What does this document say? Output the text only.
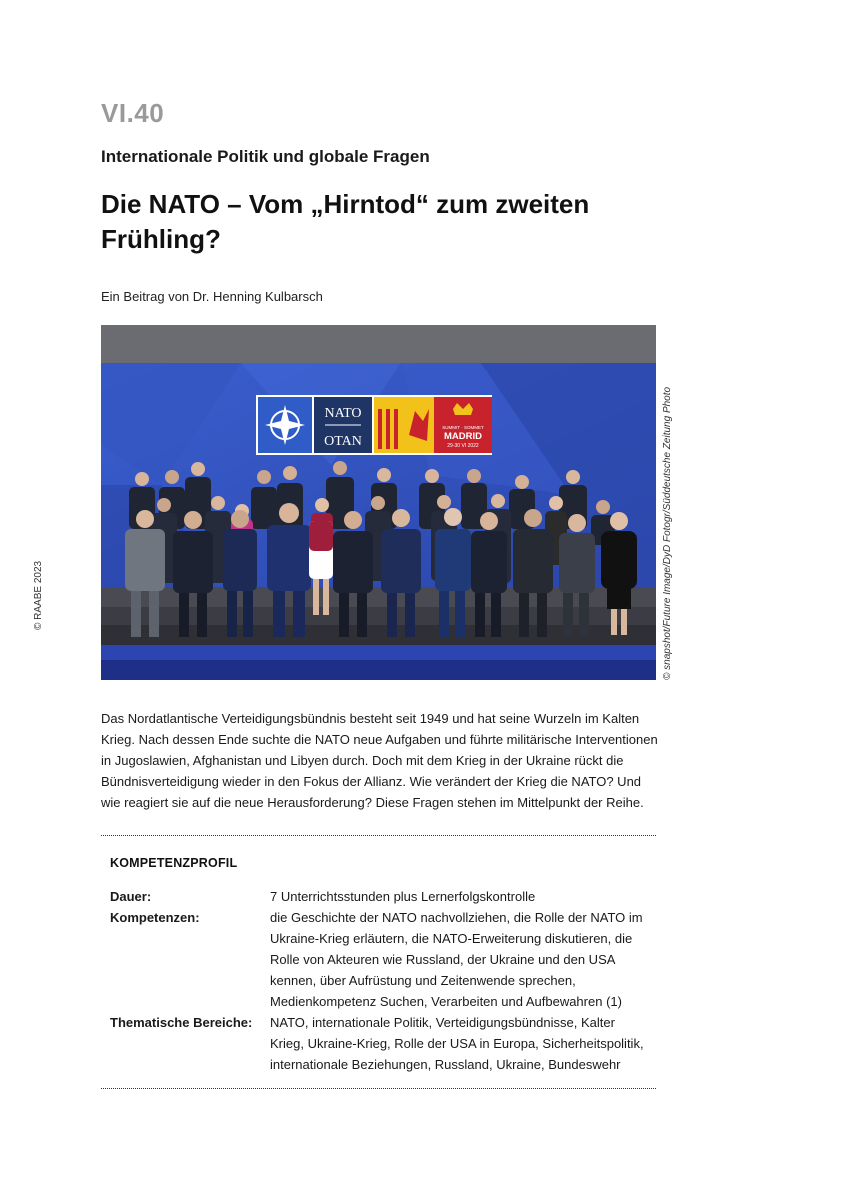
VI.40
Internationale Politik und globale Fragen
Die NATO – Vom „Hirntod“ zum zweiten Frühling?
Ein Beitrag von Dr. Henning Kulbarsch
© RAABE 2023
NATO
OTAN
SUMMIT · SOMMET
MADRID
29-30 VI 2022	© snapshot/Future Image/DyD Fotogr/Süddeutsche Zeitung Photo

Das Nordatlantische Verteidigungsbündnis besteht seit 1949 und hat seine Wurzeln im Kalten Krieg. Nach dessen Ende suchte die NATO neue Aufgaben und führte militärische Interventionen in Jugoslawien, Afghanistan und Libyen durch. Doch mit dem Krieg in der Ukraine rückt die Bündnisverteidigung wieder in den Fokus der Allianz. Wie verändert der Krieg die NATO? Und wie reagiert sie auf die neue Herausforderung? Diese Fragen stehen im Mittelpunkt der Reihe.

KOMPETENZPROFIL
Dauer:	7 Unterrichtsstunden plus Lernerfolgskontrolle
Kompetenzen:	die Geschichte der NATO nachvollziehen, die Rolle der NATO im Ukraine-Krieg erläutern, die NATO-Erweiterung diskutieren, die Rolle von Akteuren wie Russland, der Ukraine und den USA kennen, über Aufrüstung und Zeitenwende sprechen, Medienkompetenz Suchen, Verarbeiten und Aufbewahren (1)
Thematische Bereiche:	NATO, internationale Politik, Verteidigungsbündnisse, Kalter Krieg, Ukraine-Krieg, Rolle der USA in Europa, Sicherheitspolitik, internationale Beziehungen, Russland, Ukraine, Bundeswehr
